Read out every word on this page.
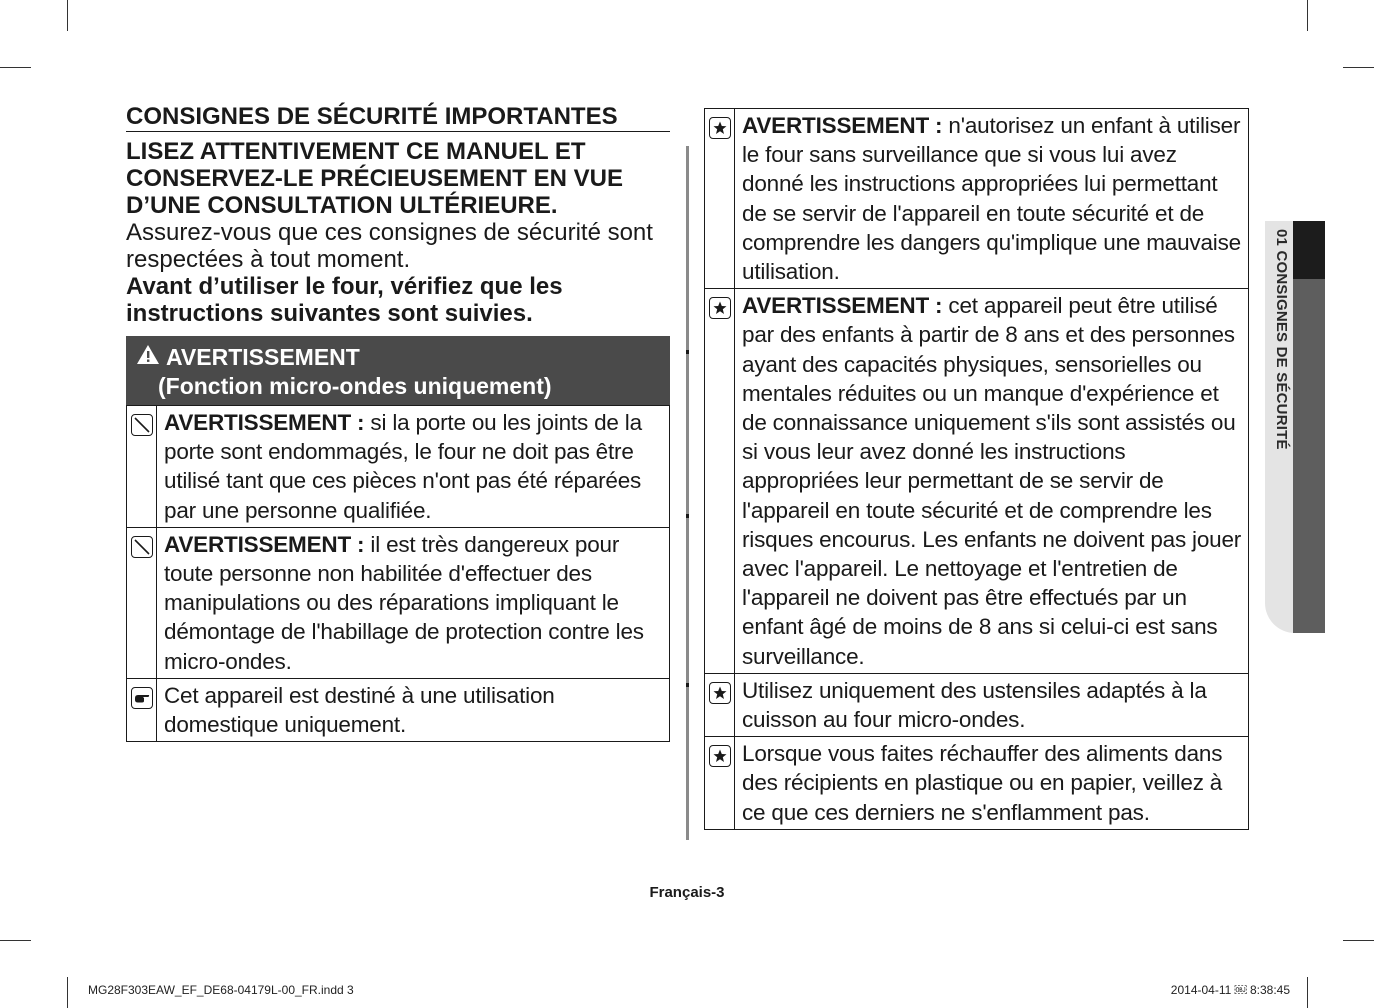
CONSIGNES DE SÉCURITÉ IMPORTANTES
LISEZ ATTENTIVEMENT CE MANUEL ET CONSERVEZ-LE PRÉCIEUSEMENT EN VUE D’UNE CONSULTATION ULTÉRIEURE.
Assurez-vous que ces consignes de sécurité sont respectées à tout moment.
Avant d’utiliser le four, vérifiez que les instructions suivantes sont suivies.
AVERTISSEMENT
(Fonction micro-ondes uniquement)
	AVERTISSEMENT : si la porte ou les joints de la porte sont endommagés, le four ne doit pas être utilisé tant que ces pièces n'ont pas été réparées par une personne qualifiée.

	AVERTISSEMENT : il est très dangereux pour toute personne non habilitée d'effectuer des manipulations ou des réparations impliquant le démontage de l'habillage de protection contre les micro-ondes.

	Cet appareil est destiné à une utilisation domestique uniquement.
	AVERTISSEMENT : n'autorisez un enfant à utiliser le four sans surveillance que si vous lui avez donné les instructions appropriées lui permettant de se servir de l'appareil en toute sécurité et de comprendre les dangers qu'implique une mauvaise utilisation.

	AVERTISSEMENT : cet appareil peut être utilisé par des enfants à partir de 8 ans et des personnes ayant des capacités physiques, sensorielles ou mentales réduites ou un manque d'expérience et de connaissance uniquement s'ils sont assistés ou si vous leur avez donné les instructions appropriées leur permettant de se servir de l'appareil en toute sécurité et de comprendre les risques encourus. Les enfants ne doivent pas jouer avec l'appareil. Le nettoyage et l'entretien de l'appareil ne doivent pas être effectués par un enfant âgé de moins de 8 ans si celui-ci est sans surveillance.

	Utilisez uniquement des ustensiles adaptés à la cuisson au four micro-ondes.

	Lorsque vous faites réchauffer des aliments dans des récipients en plastique ou en papier, veillez à ce que ces derniers ne s'enflamment pas.
01 CONSIGNES DE SÉCURITÉ
Français-3
MG28F303EAW_EF_DE68-04179L-00_FR.indd 3	2014-04-11 ￼ 8:38:45
